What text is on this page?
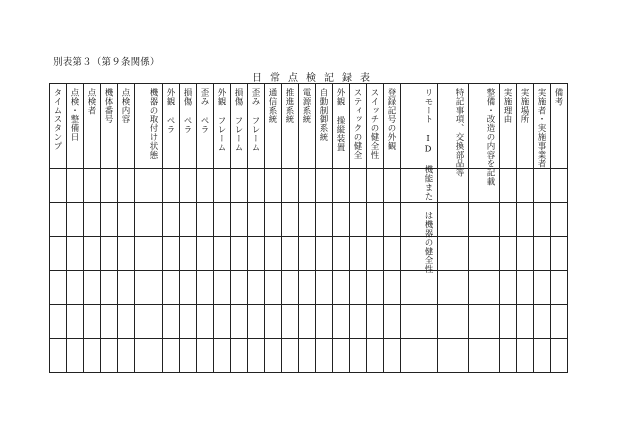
別表第３（第９条関係）
日常点検記録表
タイムスタンプ	点検・整備日	点検者	機体番号	点検内容	機器の取付け状態	外観 ペラ	損傷 ペラ	歪み ペラ	外観 フレーム	損傷 フレーム	歪み フレーム	通信系統	推進系統	電源系統	自動制御系統	外観 操縦装置	スティックの健全	スイッチの健全性	登録記号の外観	リモート ID 機能また は機器の健全性	特記事項、交換部品等	整備・改造の内容を記載	実施理由	実施場所	実施者・実施事業者	備考
